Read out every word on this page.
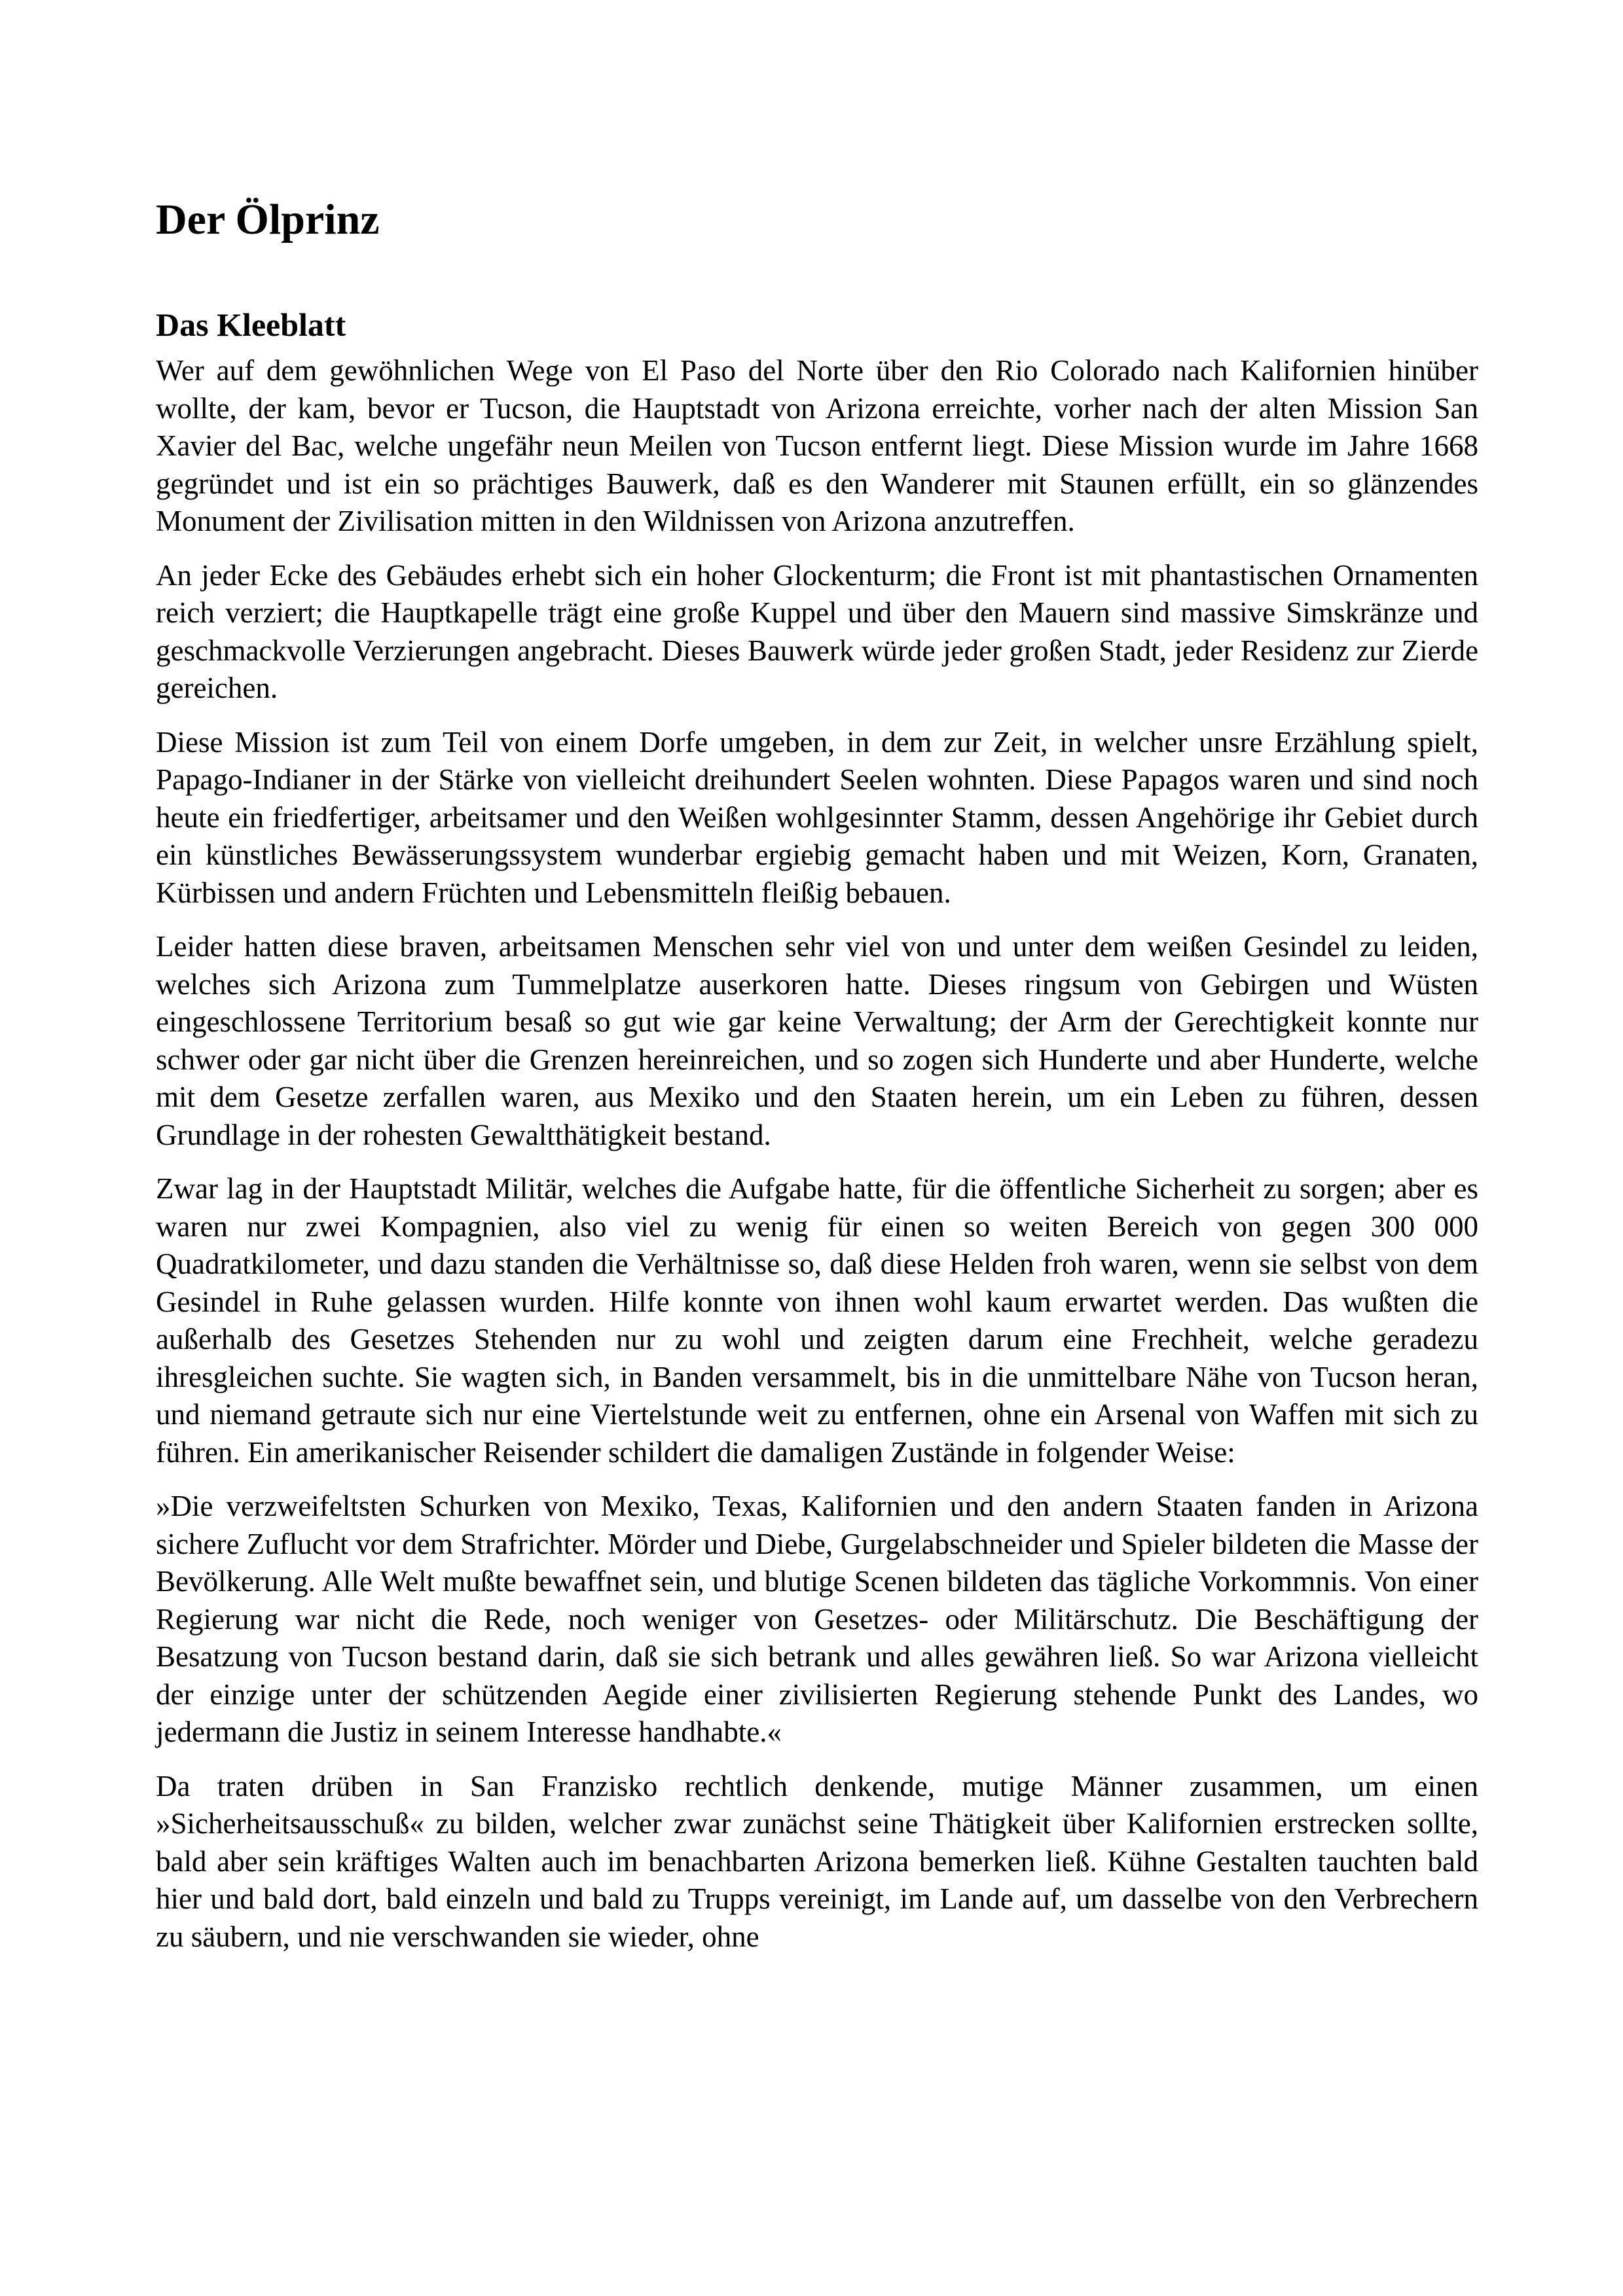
Der Ölprinz
Das Kleeblatt

Wer auf dem gewöhnlichen Wege von El Paso del Norte über den Rio Colorado nach Kalifornien hinüber wollte, der kam, bevor er Tucson, die Hauptstadt von Arizona erreichte, vorher nach der alten Mission San Xavier del Bac, welche ungefähr neun Meilen von Tucson entfernt liegt. Diese Mission wurde im Jahre 1668 gegründet und ist ein so prächtiges Bauwerk, daß es den Wanderer mit Staunen erfüllt, ein so glänzendes Monument der Zivilisation mitten in den Wildnissen von Arizona anzutreffen.

An jeder Ecke des Gebäudes erhebt sich ein hoher Glockenturm; die Front ist mit phantastischen Ornamenten reich verziert; die Hauptkapelle trägt eine große Kuppel und über den Mauern sind massive Simskränze und geschmackvolle Verzierungen angebracht. Dieses Bauwerk würde jeder großen Stadt, jeder Residenz zur Zierde gereichen.

Diese Mission ist zum Teil von einem Dorfe umgeben, in dem zur Zeit, in welcher unsre Erzählung spielt, Papago-Indianer in der Stärke von vielleicht dreihundert Seelen wohnten. Diese Papagos waren und sind noch heute ein friedfertiger, arbeitsamer und den Weißen wohlgesinnter Stamm, dessen Angehörige ihr Gebiet durch ein künstliches Bewässerungssystem wunderbar ergiebig gemacht haben und mit Weizen, Korn, Granaten, Kürbissen und andern Früchten und Lebensmitteln fleißig bebauen.

Leider hatten diese braven, arbeitsamen Menschen sehr viel von und unter dem weißen Gesindel zu leiden, welches sich Arizona zum Tummelplatze auserkoren hatte. Dieses ringsum von Gebirgen und Wüsten eingeschlossene Territorium besaß so gut wie gar keine Verwaltung; der Arm der Gerechtigkeit konnte nur schwer oder gar nicht über die Grenzen hereinreichen, und so zogen sich Hunderte und aber Hunderte, welche mit dem Gesetze zerfallen waren, aus Mexiko und den Staaten herein, um ein Leben zu führen, dessen Grundlage in der rohesten Gewaltthätigkeit bestand.

Zwar lag in der Hauptstadt Militär, welches die Aufgabe hatte, für die öffentliche Sicherheit zu sorgen; aber es waren nur zwei Kompagnien, also viel zu wenig für einen so weiten Bereich von gegen 300 000 Quadratkilometer, und dazu standen die Verhältnisse so, daß diese Helden froh waren, wenn sie selbst von dem Gesindel in Ruhe gelassen wurden. Hilfe konnte von ihnen wohl kaum erwartet werden. Das wußten die außerhalb des Gesetzes Stehenden nur zu wohl und zeigten darum eine Frechheit, welche geradezu ihresgleichen suchte. Sie wagten sich, in Banden versammelt, bis in die unmittelbare Nähe von Tucson heran, und niemand getraute sich nur eine Viertelstunde weit zu entfernen, ohne ein Arsenal von Waffen mit sich zu führen. Ein amerikanischer Reisender schildert die damaligen Zustände in folgender Weise:

»Die verzweifeltsten Schurken von Mexiko, Texas, Kalifornien und den andern Staaten fanden in Arizona sichere Zuflucht vor dem Strafrichter. Mörder und Diebe, Gurgelabschneider und Spieler bildeten die Masse der Bevölkerung. Alle Welt mußte bewaffnet sein, und blutige Scenen bildeten das tägliche Vorkommnis. Von einer Regierung war nicht die Rede, noch weniger von Gesetzes- oder Militärschutz. Die Beschäftigung der Besatzung von Tucson bestand darin, daß sie sich betrank und alles gewähren ließ. So war Arizona vielleicht der einzige unter der schützenden Aegide einer zivilisierten Regierung stehende Punkt des Landes, wo jedermann die Justiz in seinem Interesse handhabte.«

Da traten drüben in San Franzisko rechtlich denkende, mutige Männer zusammen, um einen »Sicherheitsausschuß« zu bilden, welcher zwar zunächst seine Thätigkeit über Kalifornien erstrecken sollte, bald aber sein kräftiges Walten auch im benachbarten Arizona bemerken ließ. Kühne Gestalten tauchten bald hier und bald dort, bald einzeln und bald zu Trupps vereinigt, im Lande auf, um dasselbe von den Verbrechern zu säubern, und nie verschwanden sie wieder, ohne
